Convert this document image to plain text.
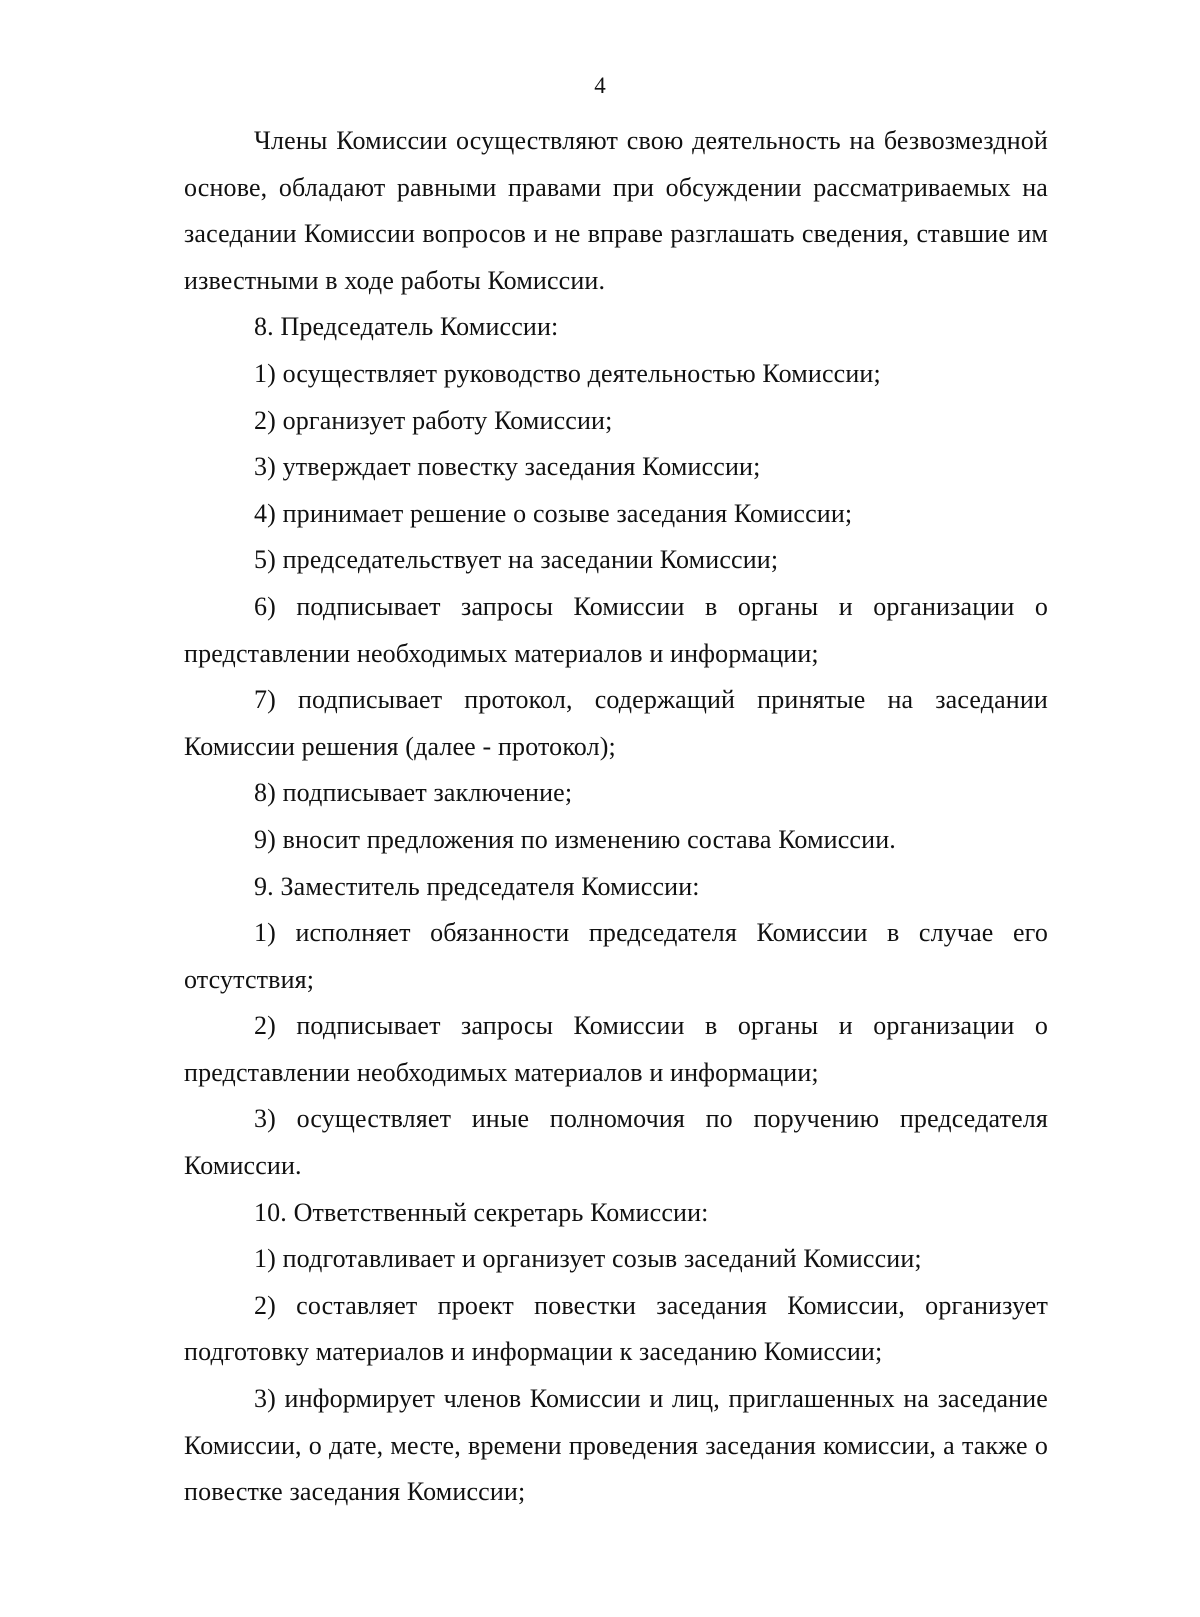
4

Члены Комиссии осуществляют свою деятельность на безвозмездной основе, обладают равными правами при обсуждении рассматриваемых на заседании Комиссии вопросов и не вправе разглашать сведения, ставшие им известными в ходе работы Комиссии.

8. Председатель Комиссии:

1) осуществляет руководство деятельностью Комиссии;

2) организует работу Комиссии;

3) утверждает повестку заседания Комиссии;

4) принимает решение о созыве заседания Комиссии;

5) председательствует на заседании Комиссии;

6) подписывает запросы Комиссии в органы и организации о представлении необходимых материалов и информации;

7) подписывает протокол, содержащий принятые на заседании Комиссии решения (далее - протокол);

8) подписывает заключение;

9) вносит предложения по изменению состава Комиссии.

9. Заместитель председателя Комиссии:

1) исполняет обязанности председателя Комиссии в случае его отсутствия;

2) подписывает запросы Комиссии в органы и организации о представлении необходимых материалов и информации;

3) осуществляет иные полномочия по поручению председателя Комиссии.

10. Ответственный секретарь Комиссии:

1) подготавливает и организует созыв заседаний Комиссии;

2) составляет проект повестки заседания Комиссии, организует подготовку материалов и информации к заседанию Комиссии;

3) информирует членов Комиссии и лиц, приглашенных на заседание Комиссии, о дате, месте, времени проведения заседания комиссии, а также о повестке заседания Комиссии;
